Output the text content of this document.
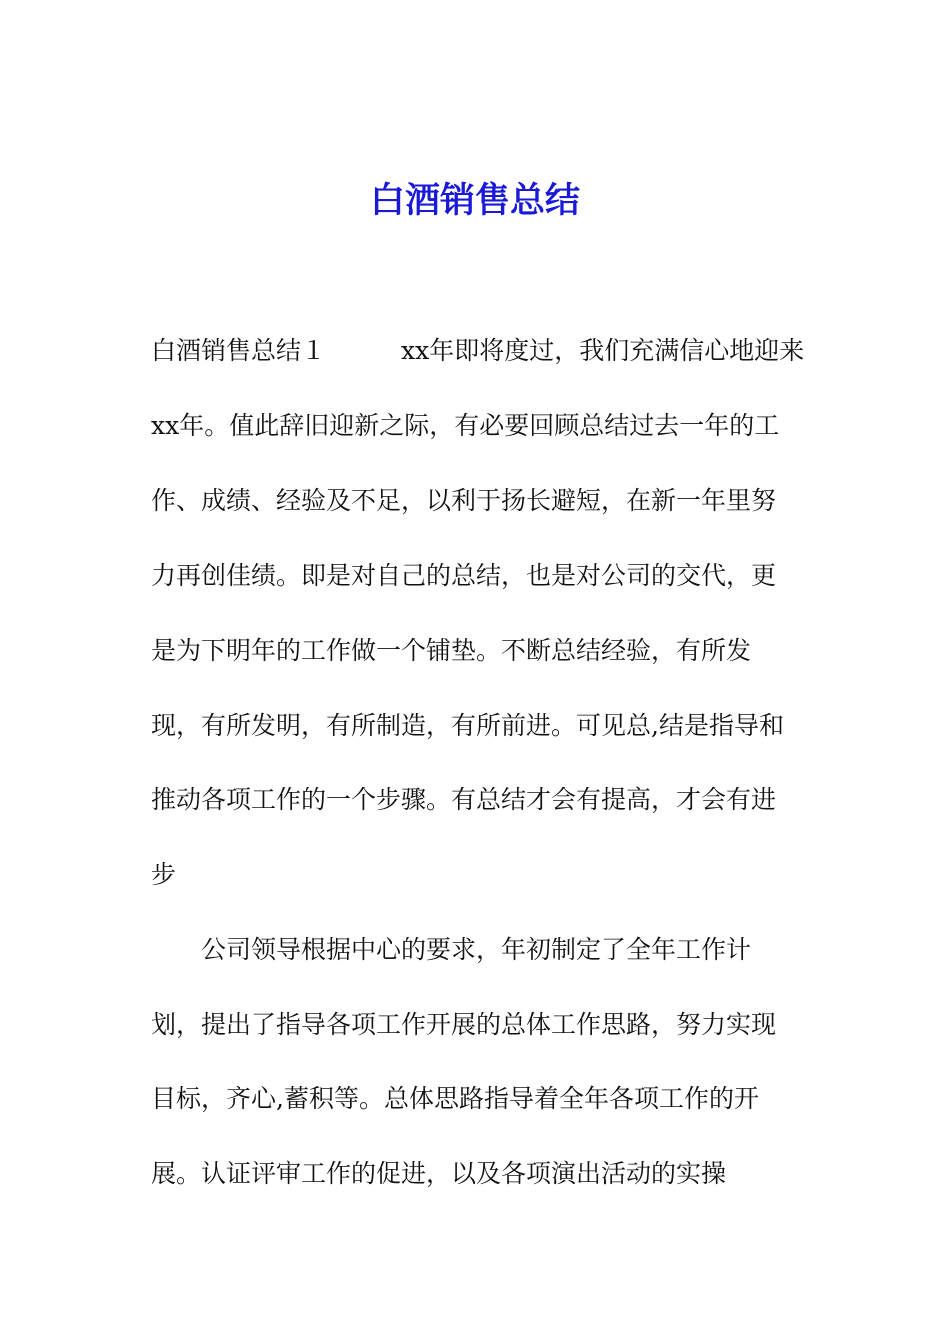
白酒销售总结

白酒销售总结１　　　xx年即将度过，我们充满信心地迎来

xx年。值此辞旧迎新之际，有必要回顾总结过去一年的工

作、成绩、经验及不足，以利于扬长避短，在新一年里努

力再创佳绩。即是对自己的总结，也是对公司的交代，更

是为下明年的工作做一个铺垫。不断总结经验，有所发

现，有所发明，有所制造，有所前进。可见总,结是指导和

推动各项工作的一个步骤。有总结才会有提高，才会有进

步

　　公司领导根据中心的要求，年初制定了全年工作计

划，提出了指导各项工作开展的总体工作思路，努力实现

目标，齐心,蓄积等。总体思路指导着全年各项工作的开

展。认证评审工作的促进，以及各项演出活动的实操
